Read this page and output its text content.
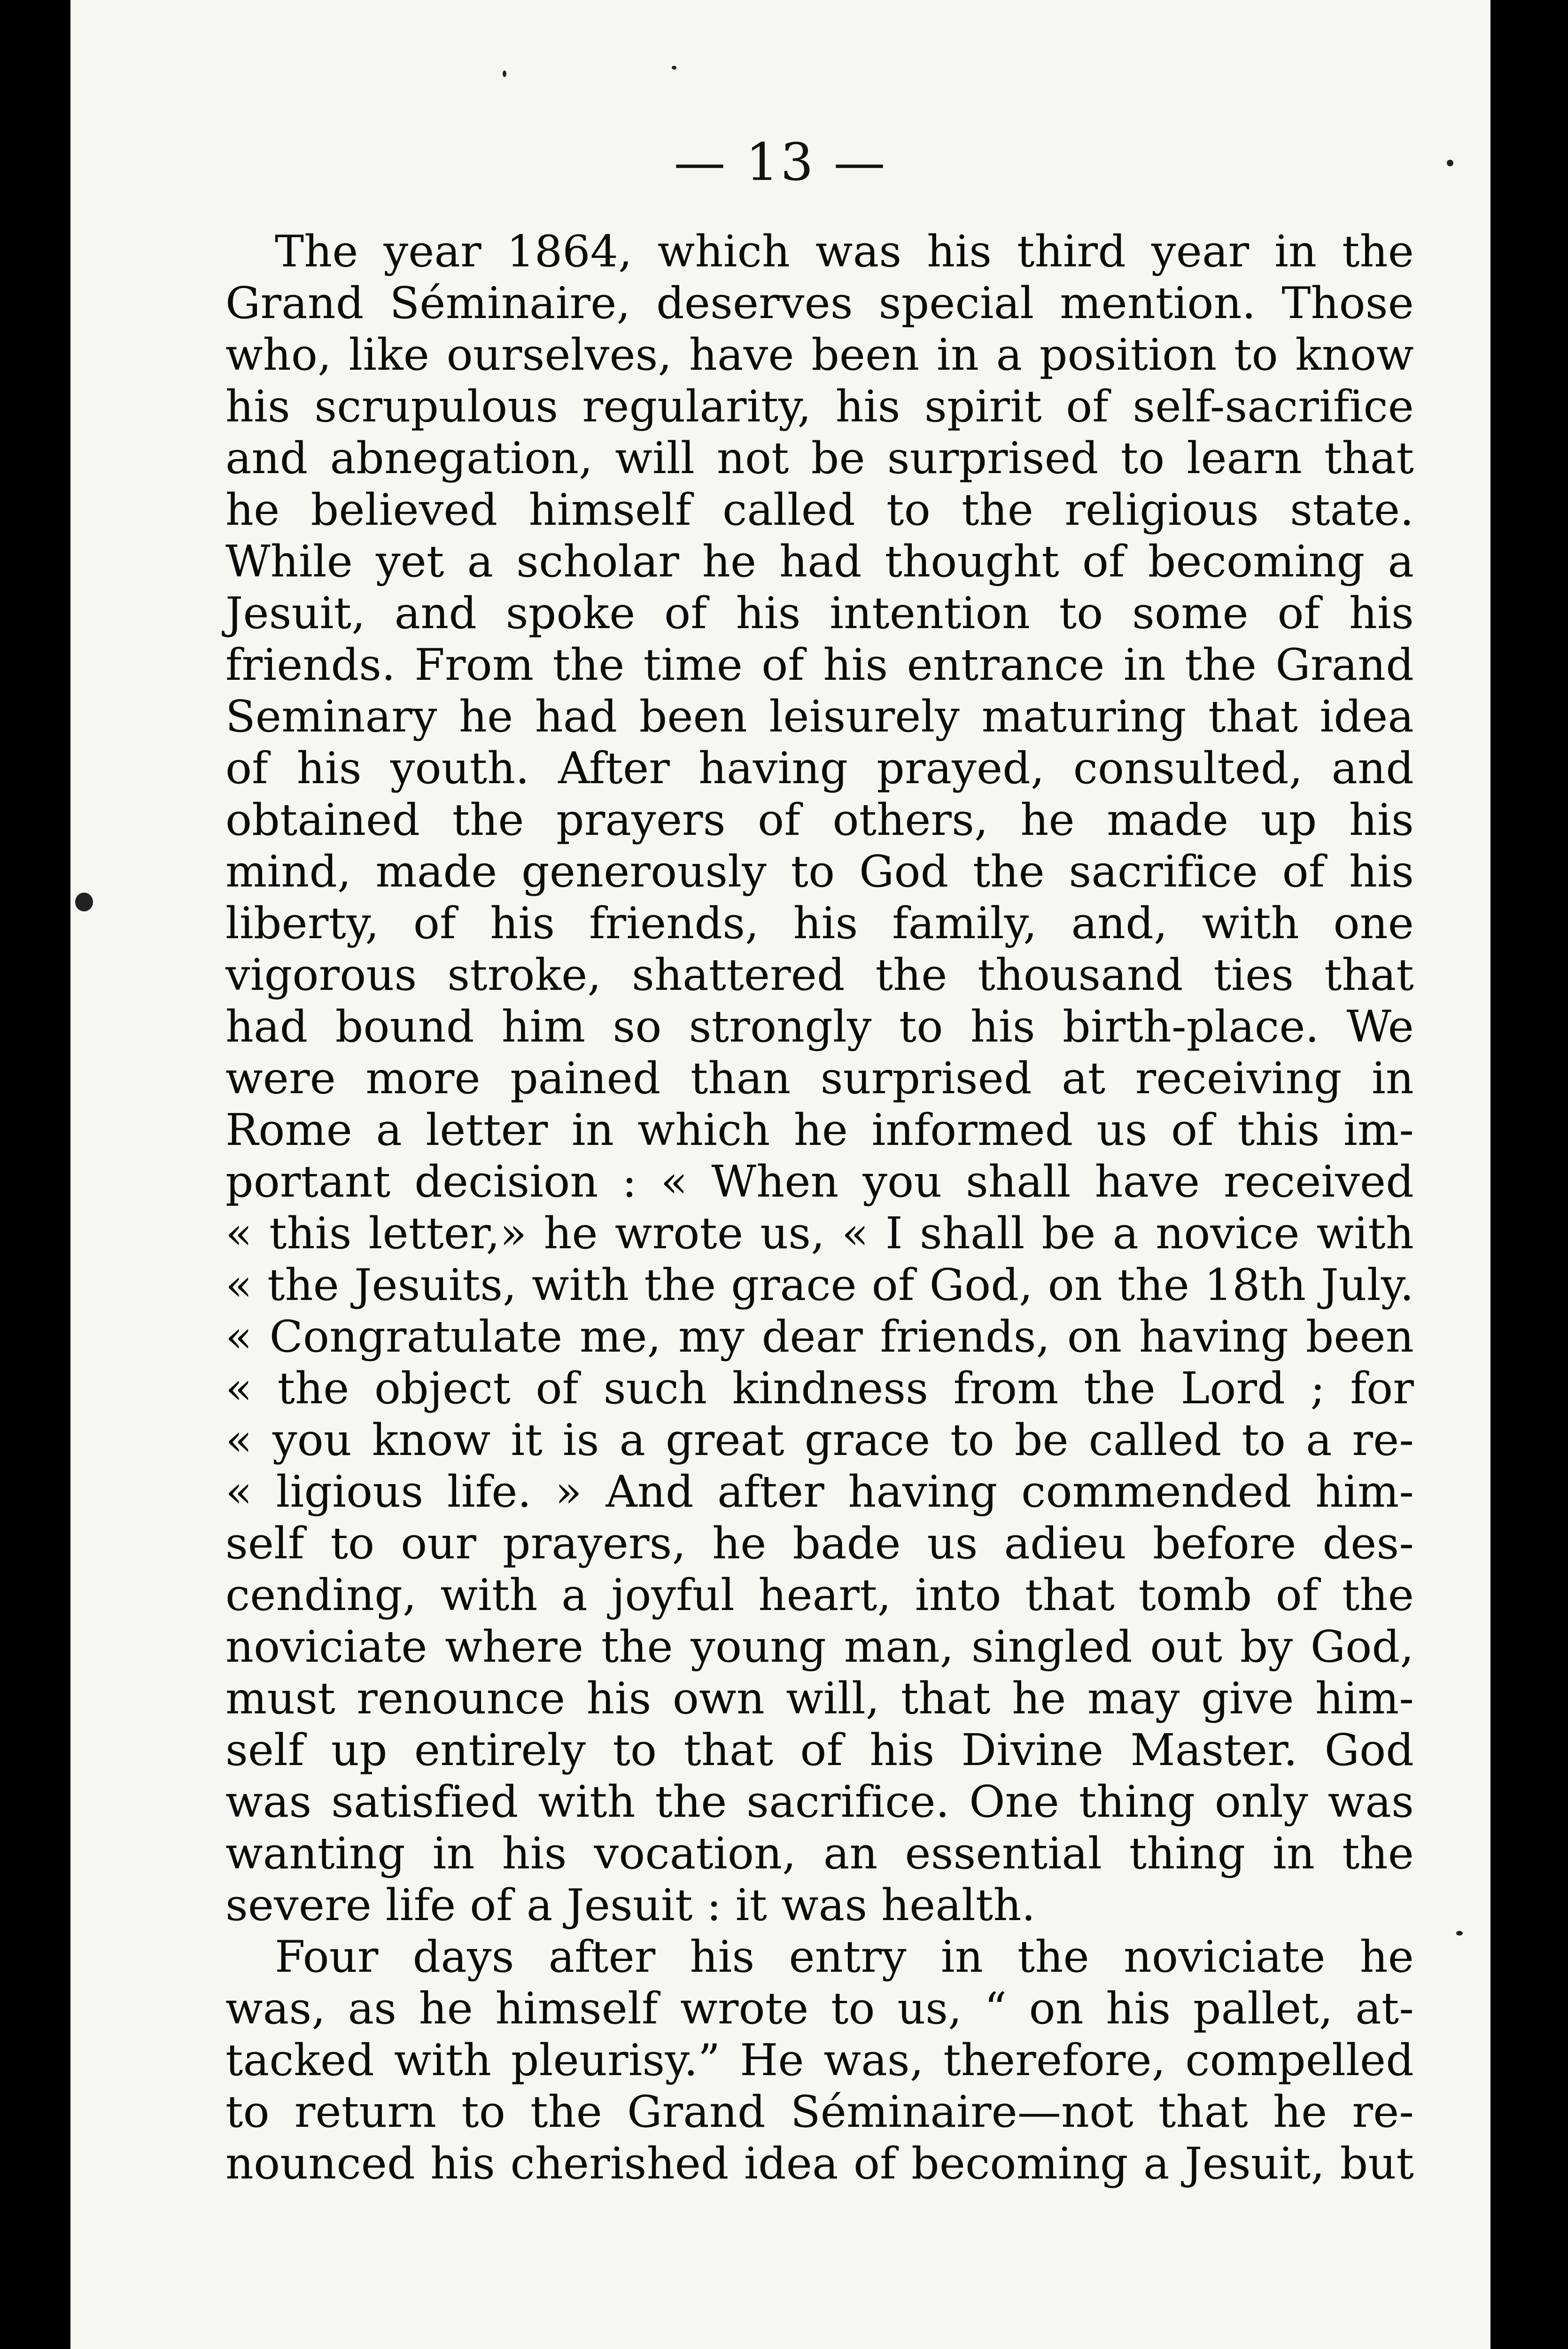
— 13 —
The year 1864, which was his third year in the
Grand Séminaire, deserves special mention. Those
who, like ourselves, have been in a position to know
his scrupulous regularity, his spirit of self-sacrifice
and abnegation, will not be surprised to learn that
he believed himself called to the religious state.
While yet a scholar he had thought of becoming a
Jesuit, and spoke of his intention to some of his
friends. From the time of his entrance in the Grand
Seminary he had been leisurely maturing that idea
of his youth. After having prayed, consulted, and
obtained the prayers of others, he made up his
mind, made generously to God the sacrifice of his
liberty, of his friends, his family, and, with one
vigorous stroke, shattered the thousand ties that
had bound him so strongly to his birth-place. We
were more pained than surprised at receiving in
Rome a letter in which he informed us of this im-
portant decision : « When you shall have received
« this letter,» he wrote us, « I shall be a novice with
« the Jesuits, with the grace of God, on the 18th July.
« Congratulate me, my dear friends, on having been
« the object of such kindness from the Lord ; for
« you know it is a great grace to be called to a re-
« ligious life. » And after having commended him-
self to our prayers, he bade us adieu before des-
cending, with a joyful heart, into that tomb of the
noviciate where the young man, singled out by God,
must renounce his own will, that he may give him-
self up entirely to that of his Divine Master. God
was satisfied with the sacrifice. One thing only was
wanting in his vocation, an essential thing in the
severe life of a Jesuit : it was health.
Four days after his entry in the noviciate he
was, as he himself wrote to us, “ on his pallet, at-
tacked with pleurisy.” He was, therefore, compelled
to return to the Grand Séminaire—not that he re-
nounced his cherished idea of becoming a Jesuit, but
